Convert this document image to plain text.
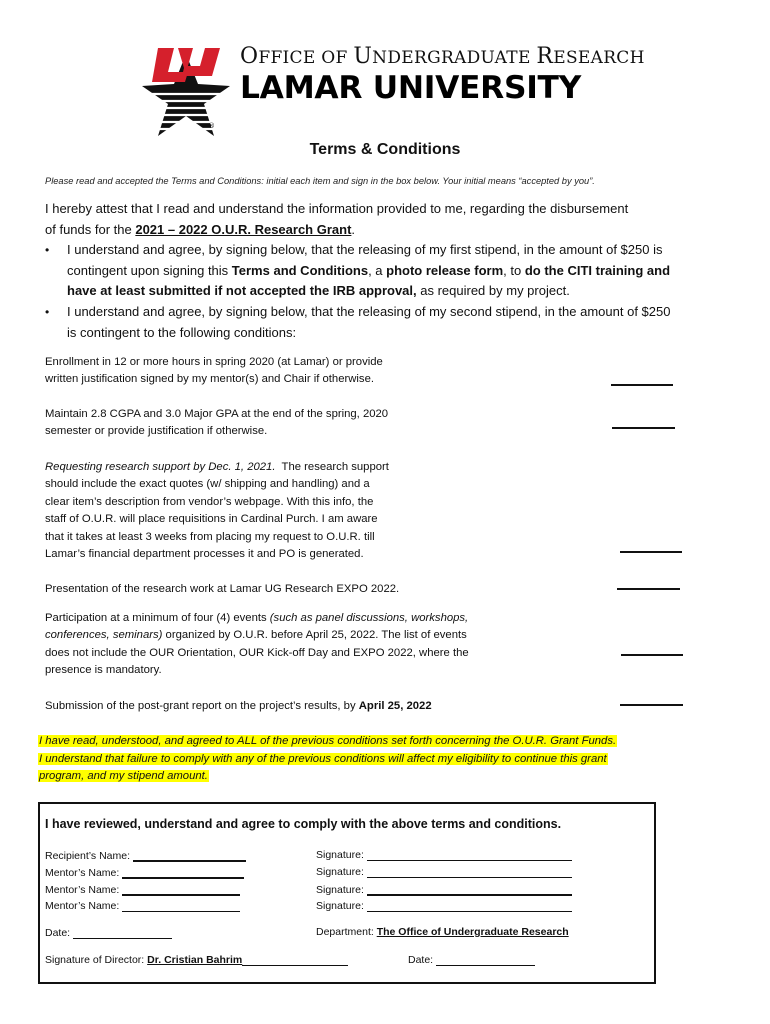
®
OFFICE OF UNDERGRADUATE RESEARCH
LAMAR UNIVERSITY
Terms & Conditions
Please read and accepted the Terms and Conditions: initial each item and sign in the box below. Your initial means “accepted by you”.
I hereby attest that I read and understand the information provided to me, regarding the disbursement
of funds for the 2021 – 2022 O.U.R. Research Grant.
• I understand and agree, by signing below, that the releasing of my first stipend, in the amount of $250 is
contingent upon signing this Terms and Conditions, a photo release form, to do the CITI training and
have at least submitted if not accepted the IRB approval, as required by my project.
• I understand and agree, by signing below, that the releasing of my second stipend, in the amount of $250
is contingent to the following conditions:
Enrollment in 12 or more hours in spring 2020 (at Lamar) or provide
written justification signed by my mentor(s) and Chair if otherwise.
Maintain 2.8 CGPA and 3.0 Major GPA at the end of the spring, 2020
semester or provide justification if otherwise.
Requesting research support by Dec. 1, 2021.  The research support
should include the exact quotes (w/ shipping and handling) and a
clear item’s description from vendor’s webpage. With this info, the
staff of O.U.R. will place requisitions in Cardinal Purch. I am aware
that it takes at least 3 weeks from placing my request to O.U.R. till
Lamar’s financial department processes it and PO is generated.
Presentation of the research work at Lamar UG Research EXPO 2022.
Participation at a minimum of four (4) events (such as panel discussions, workshops,
conferences, seminars) organized by O.U.R. before April 25, 2022. The list of events
does not include the OUR Orientation, OUR Kick-off Day and EXPO 2022, where the
presence is mandatory.
Submission of the post-grant report on the project’s results, by April 25, 2022
I have read, understood, and agreed to ALL of the previous conditions set forth concerning the O.U.R. Grant Funds.
I understand that failure to comply with any of the previous conditions will affect my eligibility to continue this grant
program, and my stipend amount.
I have reviewed, understand and agree to comply with the above terms and conditions.
Recipient’s Name:
Mentor’s Name:
Mentor’s Name:
Mentor’s Name:
Signature:
Signature:
Signature:
Signature:
Date:	Department: The Office of Undergraduate Research
Signature of Director: Dr. Cristian Bahrim	Date:
